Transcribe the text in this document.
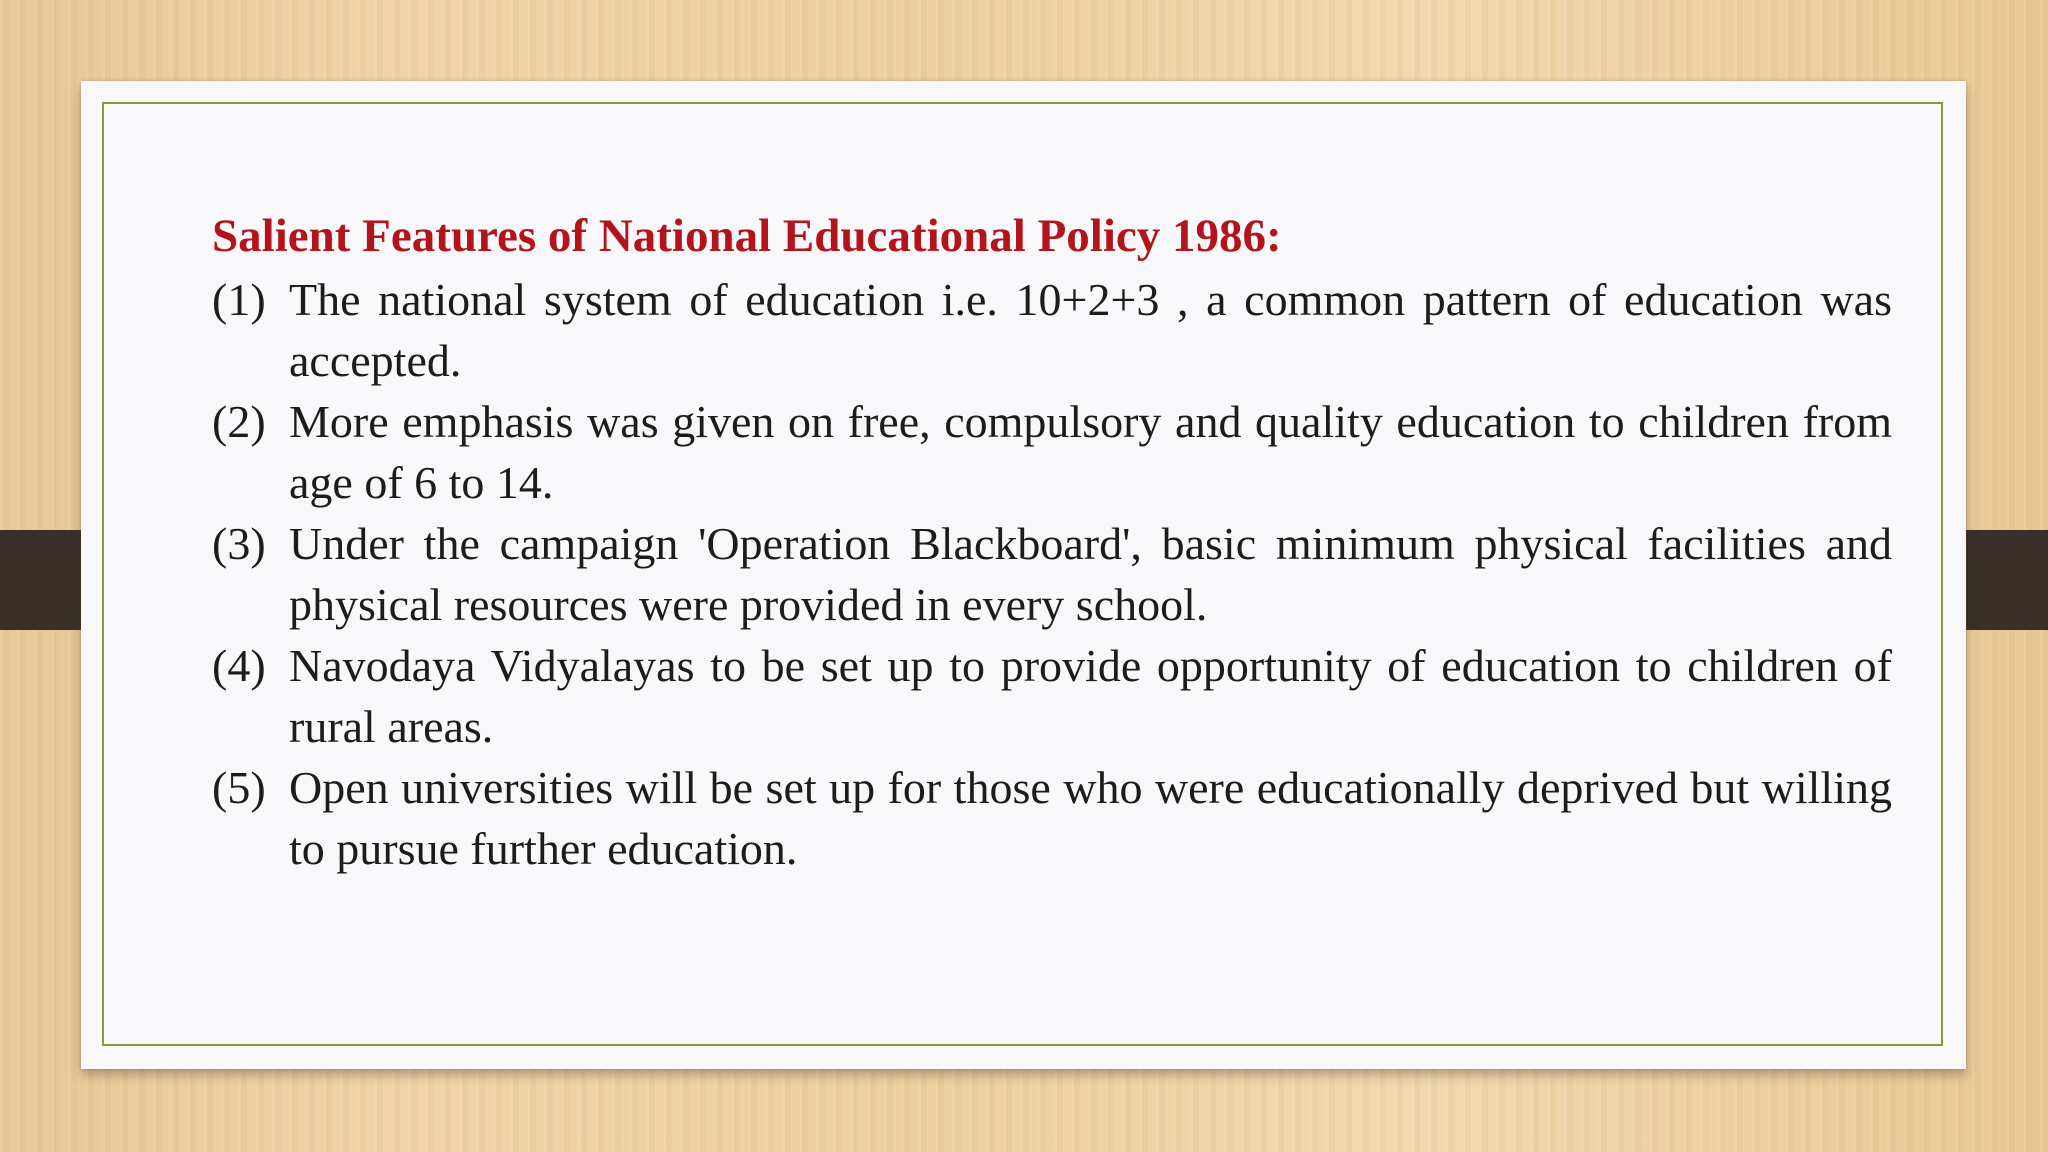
Salient Features of National Educational Policy 1986:
(1) The national system of education i.e. 10+2+3 , a common pattern of education was accepted.
(2) More emphasis was given on free, compulsory and quality education to children from age of 6 to 14.
(3) Under the campaign 'Operation Blackboard', basic minimum physical facilities and physical resources were provided in every school.
(4) Navodaya Vidyalayas to be set up to provide opportunity of education to children of rural areas.
(5) Open universities will be set up for those who were educationally deprived but willing to pursue further education.
